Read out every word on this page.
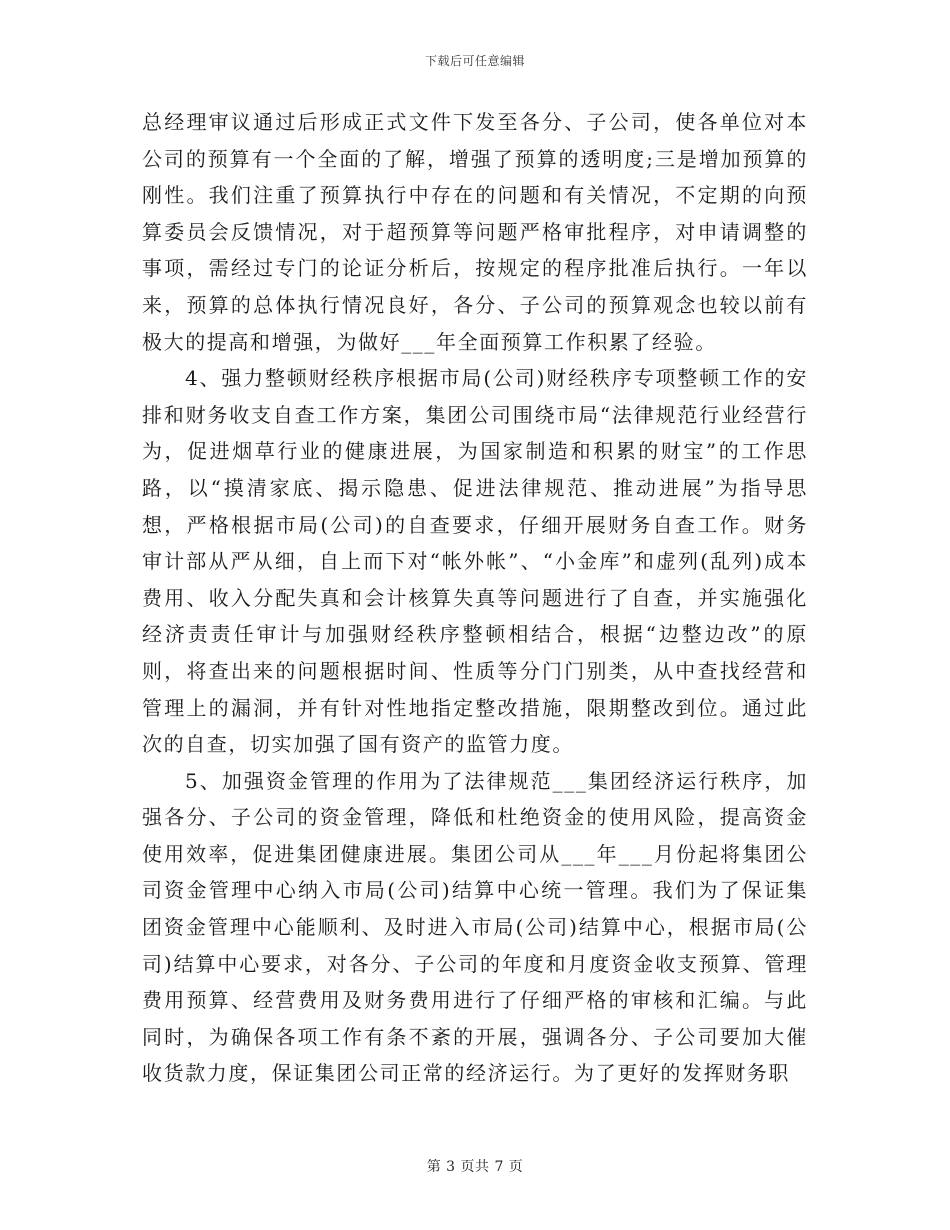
下载后可任意编辑

总经理审议通过后形成正式文件下发至各分、子公司，使各单位对本公司的预算有一个全面的了解，增强了预算的透明度;三是增加预算的刚性。我们注重了预算执行中存在的问题和有关情况，不定期的向预算委员会反馈情况，对于超预算等问题严格审批程序，对申请调整的事项，需经过专门的论证分析后，按规定的程序批准后执行。一年以来，预算的总体执行情况良好，各分、子公司的预算观念也较以前有极大的提高和增强，为做好___年全面预算工作积累了经验。

4、强力整顿财经秩序根据市局(公司)财经秩序专项整顿工作的安排和财务收支自查工作方案，集团公司围绕市局“法律规范行业经营行为，促进烟草行业的健康进展，为国家制造和积累的财宝”的工作思路，以“摸清家底、揭示隐患、促进法律规范、推动进展”为指导思想，严格根据市局(公司)的自查要求，仔细开展财务自查工作。财务审计部从严从细，自上而下对“帐外帐”、“小金库”和虚列(乱列)成本费用、收入分配失真和会计核算失真等问题进行了自查，并实施强化经济责责任审计与加强财经秩序整顿相结合，根据“边整边改”的原则，将查出来的问题根据时间、性质等分门门别类，从中查找经营和管理上的漏洞，并有针对性地指定整改措施，限期整改到位。通过此次的自查，切实加强了国有资产的监管力度。

5、加强资金管理的作用为了法律规范___集团经济运行秩序，加强各分、子公司的资金管理，降低和杜绝资金的使用风险，提高资金使用效率，促进集团健康进展。集团公司从___年___月份起将集团公司资金管理中心纳入市局(公司)结算中心统一管理。我们为了保证集团资金管理中心能顺利、及时进入市局(公司)结算中心，根据市局(公司)结算中心要求，对各分、子公司的年度和月度资金收支预算、管理费用预算、经营费用及财务费用进行了仔细严格的审核和汇编。与此同时，为确保各项工作有条不紊的开展，强调各分、子公司要加大催收货款力度，保证集团公司正常的经济运行。为了更好的发挥财务职

第 3 页共 7 页
